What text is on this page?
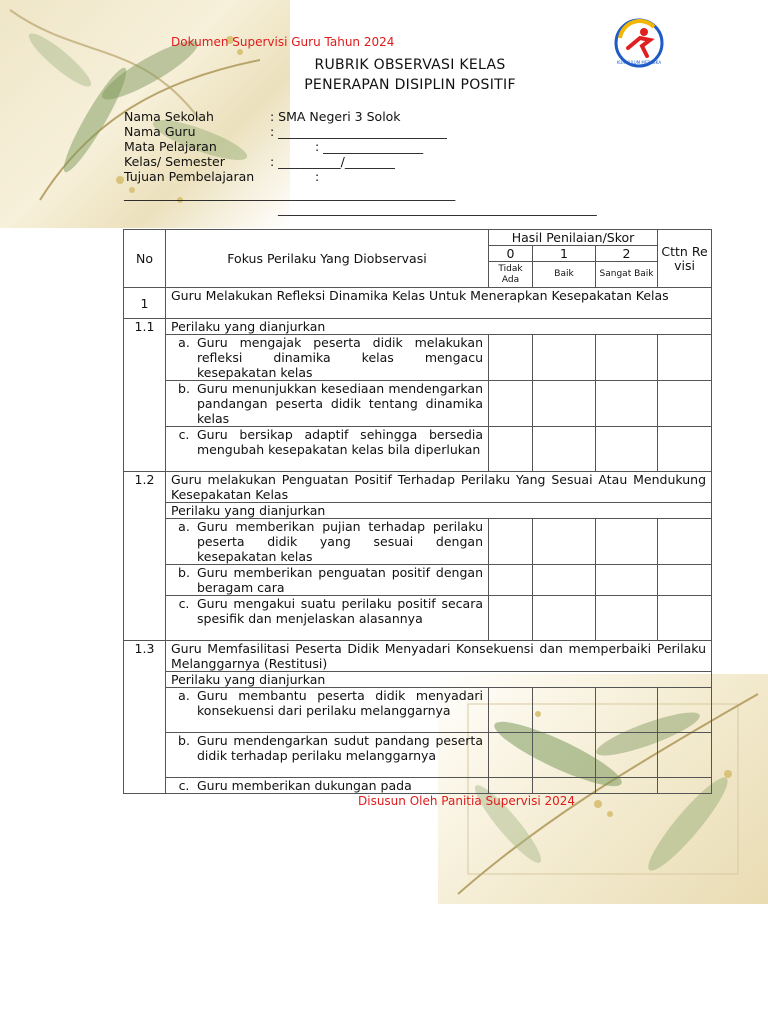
Dokumen Supervisi Guru Tahun 2024
KURIKULUM MERDEKA
RUBRIK OBSERVASI KELAS
PENERAPAN DISIPLIN POSITIF
Nama Sekolah	: SMA Negeri 3 Solok
Nama Guru	: ___________________________
Mata Pelajaran	: ________________
Kelas/ Semester	: __________/________
Tujuan Pembelajaran	:
_____________________________________________________
___________________________________________________
No	Fokus Perilaku Yang Diobservasi	Hasil Penilaian/Skor			Cttn Revisi
		0	1	2	
		Tidak Ada	Baik	Sangat Baik	
1	Guru Melakukan Refleksi Dinamika Kelas Untuk Menerapkan Kesepakatan Kelas				
1.1	Perilaku yang dianjurkan				

	a. Guru mengajak peserta didik melakukan refleksi dinamika kelas mengacu kesepakatan kelas				

	b. Guru menunjukkan kesediaan mendengarkan pandangan peserta didik tentang dinamika kelas				

	c. Guru bersikap adaptif sehingga bersedia mengubah kesepakatan kelas bila diperlukan				

1.2	Guru melakukan Penguatan Positif Terhadap Perilaku Yang Sesuai Atau Mendukung Kesepakatan Kelas				
	Perilaku yang dianjurkan				

	a. Guru memberikan pujian terhadap perilaku peserta didik yang sesuai dengan kesepakatan kelas				

	b. Guru memberikan penguatan positif dengan beragam cara				

	c. Guru mengakui suatu perilaku positif secara spesifik dan menjelaskan alasannya				

1.3	Guru Memfasilitasi Peserta Didik Menyadari Konsekuensi dan memperbaiki Perilaku Melanggarnya (Restitusi)				
	Perilaku yang dianjurkan				

	a. Guru membantu peserta didik menyadari konsekuensi dari perilaku melanggarnya				

	b. Guru mendengarkan sudut pandang peserta didik terhadap perilaku melanggarnya				

	c. Guru memberikan dukungan pada				

Disusun Oleh Panitia Supervisi 2024
